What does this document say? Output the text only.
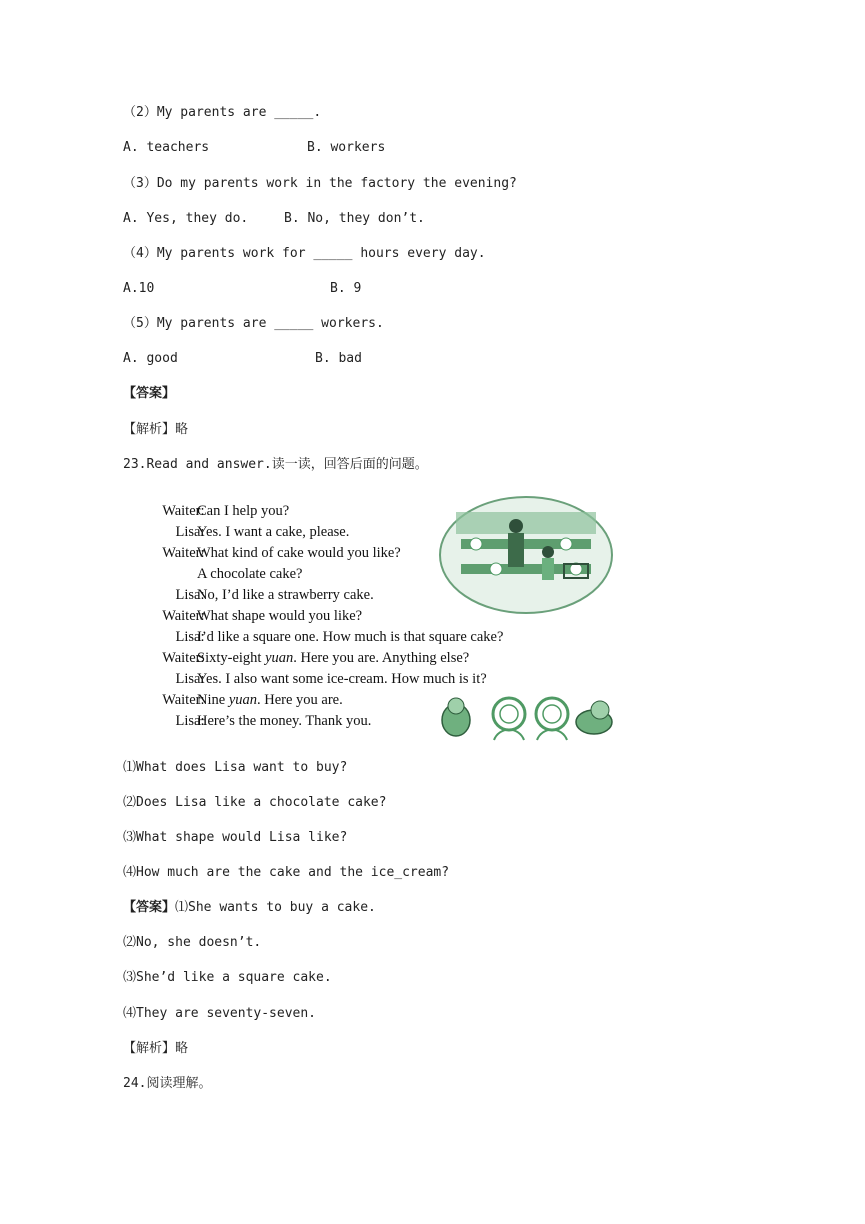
（2）My parents are _____.
A. teachers	B. workers
（3）Do my parents work in the factory the evening?
A. Yes, they do.	B. No, they don’t.
（4）My parents work for _____ hours every day.
A.10	B. 9
（5）My parents are _____ workers.
A. good	B. bad
【答案】
【解析】略
23.Read and answer.读一读，回答后面的问题。

Waiter:
Can I help you?

Lisa:
Yes. I want a cake, please.

Waiter:
What kind of cake would you like?

A chocolate cake?

Lisa:
No, I’d like a strawberry cake.

Waiter:
What shape would you like?

Lisa:
I’d like a square one. How much is that square cake?

Waiter:
Sixty-eight yuan. Here you are. Anything else?

Lisa:
Yes. I also want some ice-cream. How much is it?

Waiter:
Nine yuan. Here you are.

Lisa:
Here’s the money. Thank you.

⑴What does Lisa want to buy?
⑵Does Lisa like a chocolate cake?
⑶What shape would Lisa like?
⑷How much are the cake and the ice_cream?
【答案】⑴She wants to buy a cake.
⑵No, she doesn’t.
⑶She’d like a square cake.
⑷They are seventy-seven.
【解析】略
24.阅读理解。
